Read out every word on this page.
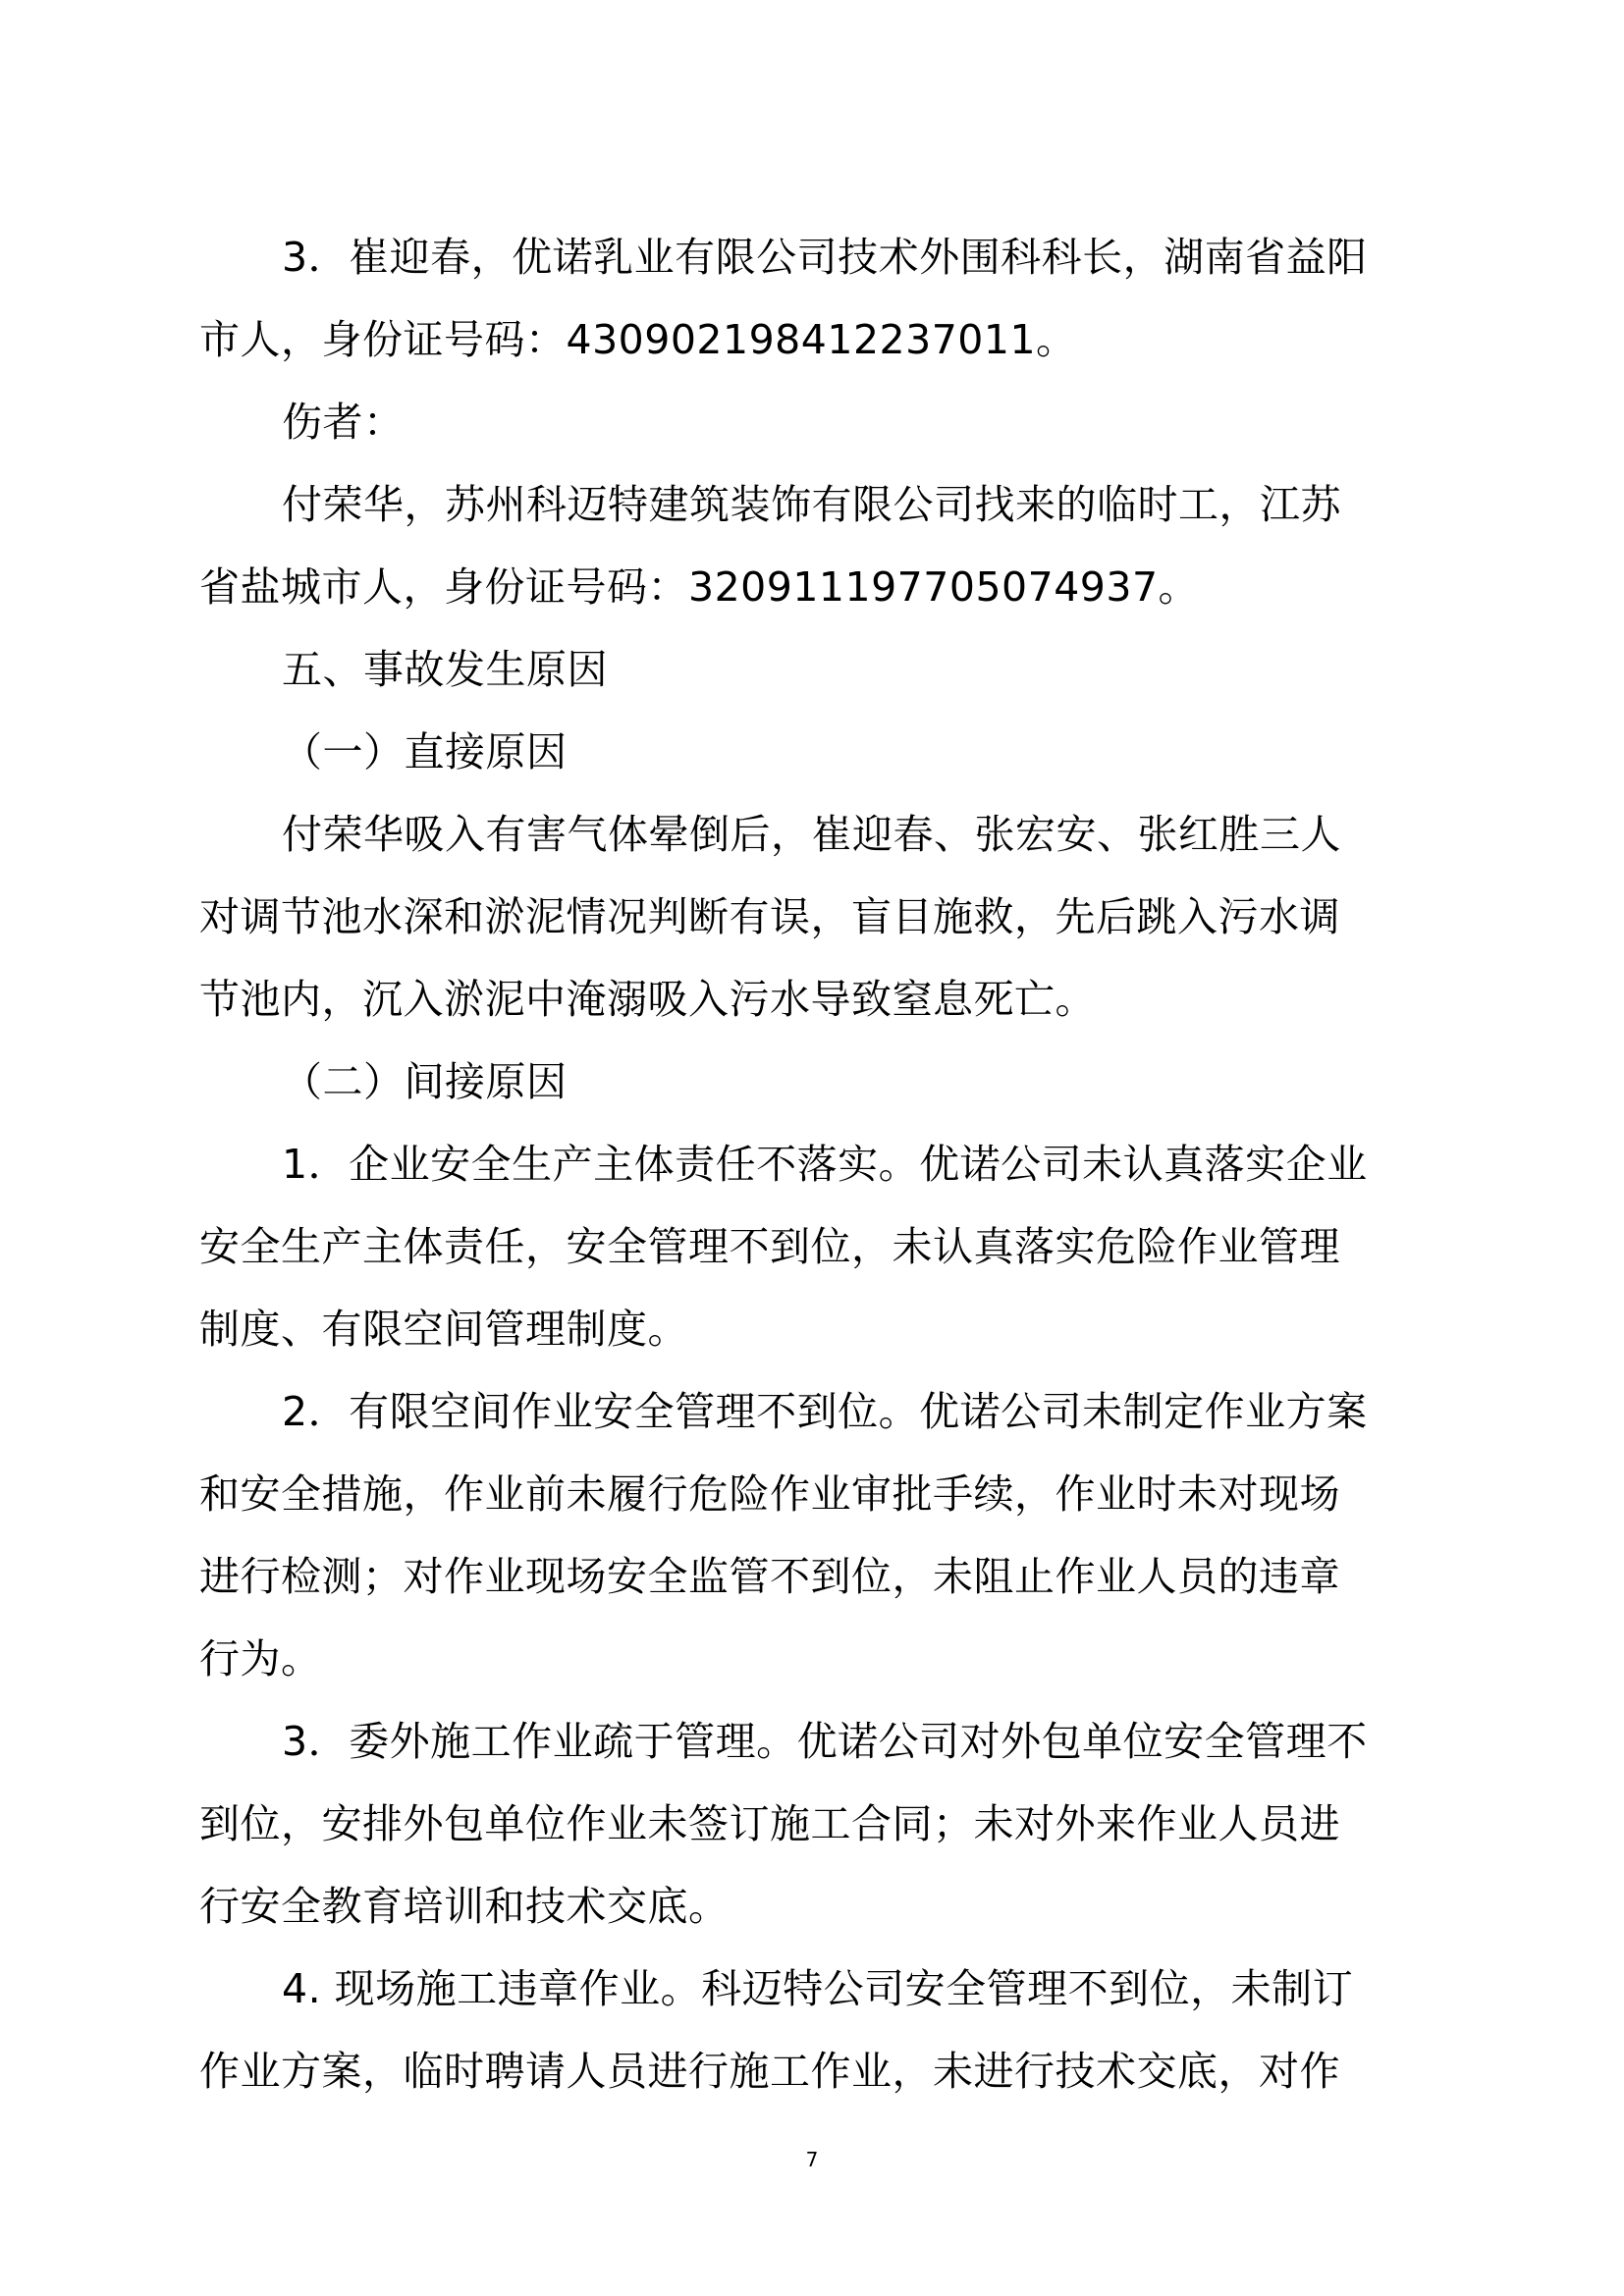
3．崔迎春，优诺乳业有限公司技术外围科科长，湖南省益阳
市人，身份证号码：430902198412237011。
伤者：
付荣华，苏州科迈特建筑装饰有限公司找来的临时工，江苏
省盐城市人，身份证号码：320911197705074937。
五、事故发生原因
（一）直接原因
付荣华吸入有害气体晕倒后，崔迎春、张宏安、张红胜三人
对调节池水深和淤泥情况判断有误，盲目施救，先后跳入污水调
节池内，沉入淤泥中淹溺吸入污水导致窒息死亡。
（二）间接原因
1．企业安全生产主体责任不落实。优诺公司未认真落实企业
安全生产主体责任，安全管理不到位，未认真落实危险作业管理
制度、有限空间管理制度。
2．有限空间作业安全管理不到位。优诺公司未制定作业方案
和安全措施，作业前未履行危险作业审批手续，作业时未对现场
进行检测；对作业现场安全监管不到位，未阻止作业人员的违章
行为。
3．委外施工作业疏于管理。优诺公司对外包单位安全管理不
到位，安排外包单位作业未签订施工合同；未对外来作业人员进
行安全教育培训和技术交底。
4. 现场施工违章作业。科迈特公司安全管理不到位，未制订
作业方案，临时聘请人员进行施工作业，未进行技术交底，对作
7
